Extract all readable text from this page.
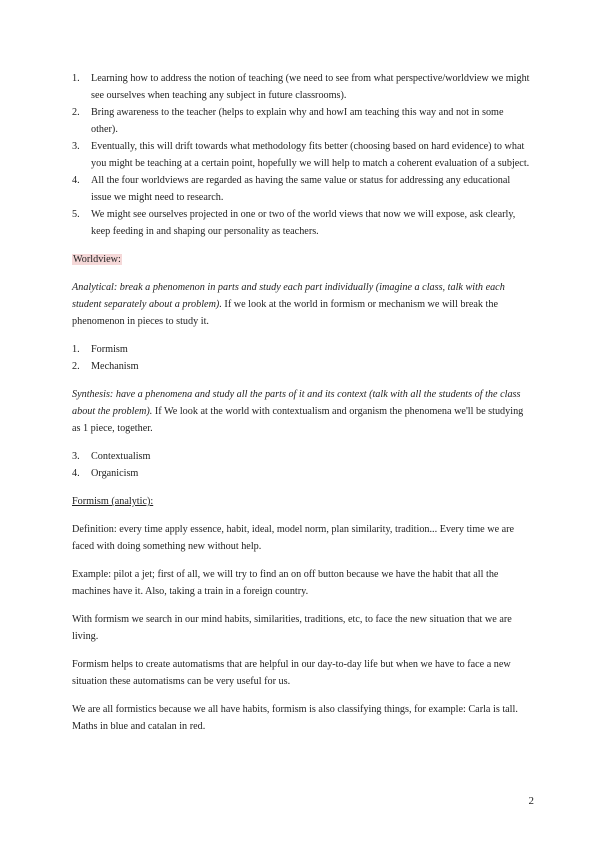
1.	Learning how to address the notion of teaching (we need to see from what perspective/worldview we might see ourselves when teaching any subject in future classrooms).
2.	Bring awareness to the teacher (helps to explain why and howI am teaching this way and not in some other).
3.	Eventually, this will drift towards what methodology fits better (choosing based on hard evidence) to what you might be teaching at a certain point, hopefully we will help to match a coherent evaluation of a subject.
4.	All the four worldviews are regarded as having the same value or status for addressing any educational issue we might need to research.
5.	We might see ourselves projected in one or two of the world views that now we will expose, ask clearly, keep feeding in and shaping our personality as teachers.

Worldview:

Analytical: break a phenomenon in parts and study each part individually (imagine a class, talk with each student separately about a problem). If we look at the world in formism or mechanism we will break the phenomenon in pieces to study it.

1.	Formism
2.	Mechanism

Synthesis: have a phenomena and study all the parts of it and its context (talk with all the students of the class about the problem). If We look at the world with contextualism and organism the phenomena we'll be studying as 1 piece, together.

3.	Contextualism
4.	Organicism

Formism (analytic):

Definition: every time apply essence, habit, ideal, model norm, plan similarity, tradition... Every time we are faced with doing something new without help.

Example: pilot a jet; first of all, we will try to find an on off button because we have the habit that all the machines have it. Also, taking a train in a foreign country.

With formism we search in our mind habits, similarities, traditions, etc, to face the new situation that we are living.

Formism helps to create automatisms that are helpful in our day-to-day life but when we have to face a new situation these automatisms can be very useful for us.

We are all formistics because we all have habits, formism is also classifying things, for example: Carla is tall. Maths in blue and catalan in red.

2
